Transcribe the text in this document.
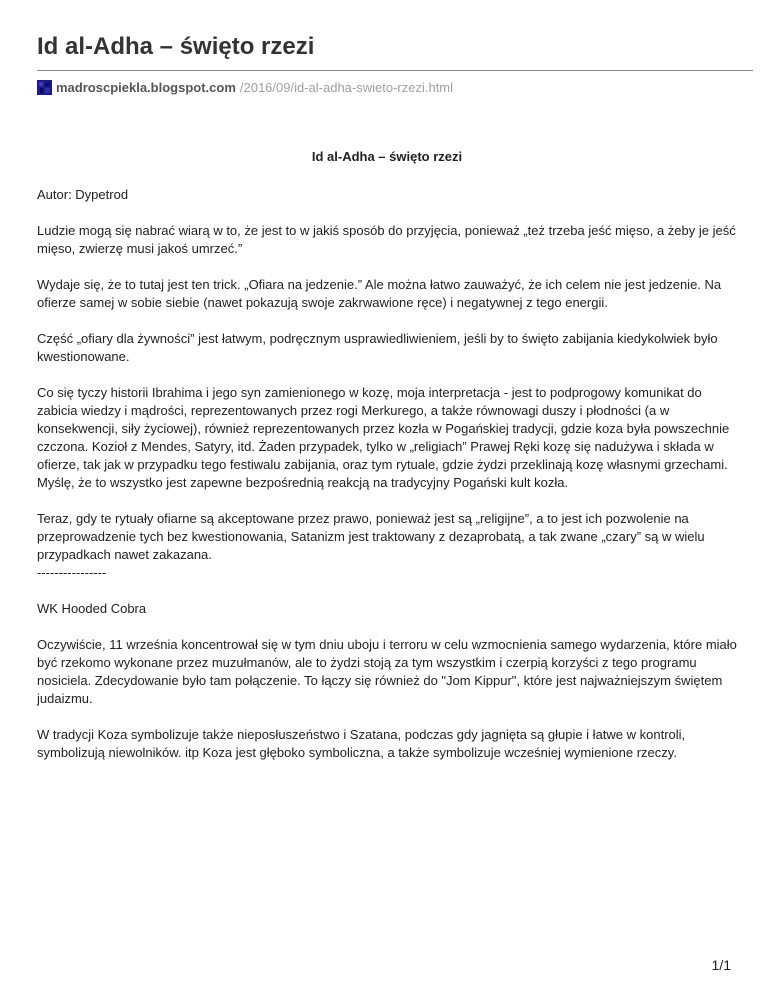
Id al-Adha – święto rzezi
madroscpiekla.blogspot.com /2016/09/id-al-adha-swieto-rzezi.html
Id al-Adha – święto rzezi

Autor: Dypetrod

Ludzie mogą się nabrać wiarą w to, że jest to w jakiś sposób do przyjęcia, ponieważ „też trzeba jeść mięso, a żeby je jeść mięso, zwierzę musi jakoś umrzeć.”

Wydaje się, że to tutaj jest ten trick. „Ofiara na jedzenie.” Ale można łatwo zauważyć, że ich celem nie jest jedzenie. Na ofierze samej w sobie siebie (nawet pokazują swoje zakrwawione ręce) i negatywnej z tego energii.

Część „ofiary dla żywności” jest łatwym, podręcznym usprawiedliwieniem, jeśli by to święto zabijania kiedykolwiek było kwestionowane.

Co się tyczy historii Ibrahima i jego syn zamienionego w kozę, moja interpretacja - jest to podprogowy komunikat do zabicia wiedzy i mądrości, reprezentowanych przez rogi Merkurego, a także równowagi duszy i płodności (a w konsekwencji, siły życiowej), również reprezentowanych przez kozła w Pogańskiej tradycji, gdzie koza była powszechnie czczona. Kozioł z Mendes, Satyry, itd. Żaden przypadek, tylko w „religiach” Prawej Ręki kozę się nadużywa i składa w ofierze, tak jak w przypadku tego festiwalu zabijania, oraz tym rytuale, gdzie żydzi przeklinają kozę własnymi grzechami. Myślę, że to wszystko jest zapewne bezpośrednią reakcją na tradycyjny Pogański kult kozła.

Teraz, gdy te rytuały ofiarne są akceptowane przez prawo, ponieważ jest są „religijne”, a to jest ich pozwolenie na przeprowadzenie tych bez kwestionowania, Satanizm jest traktowany z dezaprobatą, a tak zwane „czary” są w wielu przypadkach nawet zakazana.

----------------

WK Hooded Cobra

Oczywiście, 11 września koncentrował się w tym dniu uboju i terroru w celu wzmocnienia samego wydarzenia, które miało być rzekomo wykonane przez muzułmanów, ale to żydzi stoją za tym wszystkim i czerpią korzyści z tego programu nosiciela. Zdecydowanie było tam połączenie. To łączy się również do "Jom Kippur", które jest najważniejszym świętem judaizmu.

W tradycji Koza symbolizuje także nieposłuszeństwo i Szatana, podczas gdy jagnięta są głupie i łatwe w kontroli, symbolizują niewolników. itp Koza jest głęboko symboliczna, a także symbolizuje wcześniej wymienione rzeczy.

1/1
